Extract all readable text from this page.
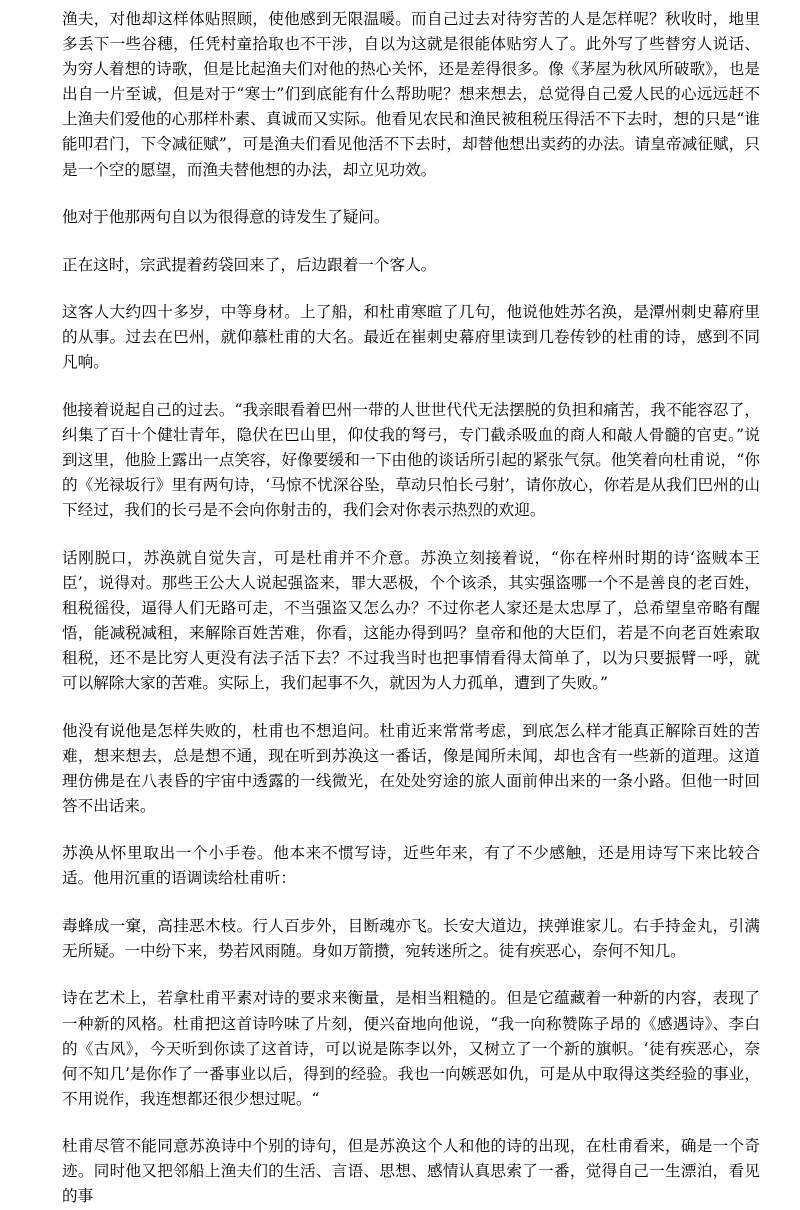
渔夫，对他却这样体贴照顾，使他感到无限温暖。而自己过去对待穷苦的人是怎样呢？秋收时，地里多丢下一些谷穗，任凭村童拾取也不干涉，自以为这就是很能体贴穷人了。此外写了些替穷人说话、为穷人着想的诗歌，但是比起渔夫们对他的热心关怀，还是差得很多。像《茅屋为秋风所破歌》，也是出自一片至诚，但是对于“寒士”们到底能有什么帮助呢？想来想去，总觉得自己爱人民的心远远赶不上渔夫们爱他的心那样朴素、真诚而又实际。他看见农民和渔民被租税压得活不下去时，想的只是“谁能叩君门，下令减征赋”，可是渔夫们看见他活不下去时，却替他想出卖药的办法。请皇帝减征赋，只是一个空的愿望，而渔夫替他想的办法，却立见功效。

他对于他那两句自以为很得意的诗发生了疑问。

正在这时，宗武提着药袋回来了，后边跟着一个客人。

这客人大约四十多岁，中等身材。上了船，和杜甫寒暄了几句，他说他姓苏名涣，是潭州刺史幕府里的从事。过去在巴州，就仰慕杜甫的大名。最近在崔刺史幕府里读到几卷传钞的杜甫的诗，感到不同凡响。

他接着说起自己的过去。“我亲眼看着巴州一带的人世世代代无法摆脱的负担和痛苦，我不能容忍了，纠集了百十个健壮青年，隐伏在巴山里，仰仗我的弩弓，专门截杀吸血的商人和敲人骨髓的官吏。”说到这里，他脸上露出一点笑容，好像要缓和一下由他的谈话所引起的紧张气氛。他笑着向杜甫说，“你的《光禄坂行》里有两句诗，‘马惊不忧深谷坠，草动只怕长弓射’，请你放心，你若是从我们巴州的山下经过，我们的长弓是不会向你射击的，我们会对你表示热烈的欢迎。

话刚脱口，苏涣就自觉失言，可是杜甫并不介意。苏涣立刻接着说，“你在梓州时期的诗‘盗贼本王臣’，说得对。那些王公大人说起强盗来，罪大恶极，个个该杀，其实强盗哪一个不是善良的老百姓，租税徭役，逼得人们无路可走，不当强盗又怎么办？不过你老人家还是太忠厚了，总希望皇帝略有醒悟，能减税减租，来解除百姓苦难，你看，这能办得到吗？皇帝和他的大臣们，若是不向老百姓索取租税，还不是比穷人更没有法子活下去？不过我当时也把事情看得太简单了，以为只要振臂一呼，就可以解除大家的苦难。实际上，我们起事不久，就因为人力孤单，遭到了失败。”

他没有说他是怎样失败的，杜甫也不想追问。杜甫近来常常考虑，到底怎么样才能真正解除百姓的苦难，想来想去，总是想不通，现在听到苏涣这一番话，像是闻所未闻，却也含有一些新的道理。这道理仿佛是在八表昏的宇宙中透露的一线微光，在处处穷途的旅人面前伸出来的一条小路。但他一时回答不出话来。

苏涣从怀里取出一个小手卷。他本来不惯写诗，近些年来，有了不少感触，还是用诗写下来比较合适。他用沉重的语调读给杜甫听：

毒蜂成一窠，高挂恶木枝。行人百步外，目断魂亦飞。长安大道边，挟弹谁家儿。右手持金丸，引满无所疑。一中纷下来，势若风雨随。身如万箭攒，宛转迷所之。徒有疾恶心，奈何不知几。

诗在艺术上，若拿杜甫平素对诗的要求来衡量，是相当粗糙的。但是它蕴藏着一种新的内容，表现了一种新的风格。杜甫把这首诗吟味了片刻，便兴奋地向他说，“我一向称赞陈子昂的《感遇诗》、李白的《古风》，今天听到你读了这首诗，可以说是陈李以外，又树立了一个新的旗帜。‘徒有疾恶心，奈何不知几’是你作了一番事业以后，得到的经验。我也一向嫉恶如仇，可是从中取得这类经验的事业，不用说作，我连想都还很少想过呢。“

杜甫尽管不能同意苏涣诗中个别的诗句，但是苏涣这个人和他的诗的出现，在杜甫看来，确是一个奇迹。同时他又把邻船上渔夫们的生活、言语、思想、感情认真思索了一番，觉得自己一生漂泊，看见的事
